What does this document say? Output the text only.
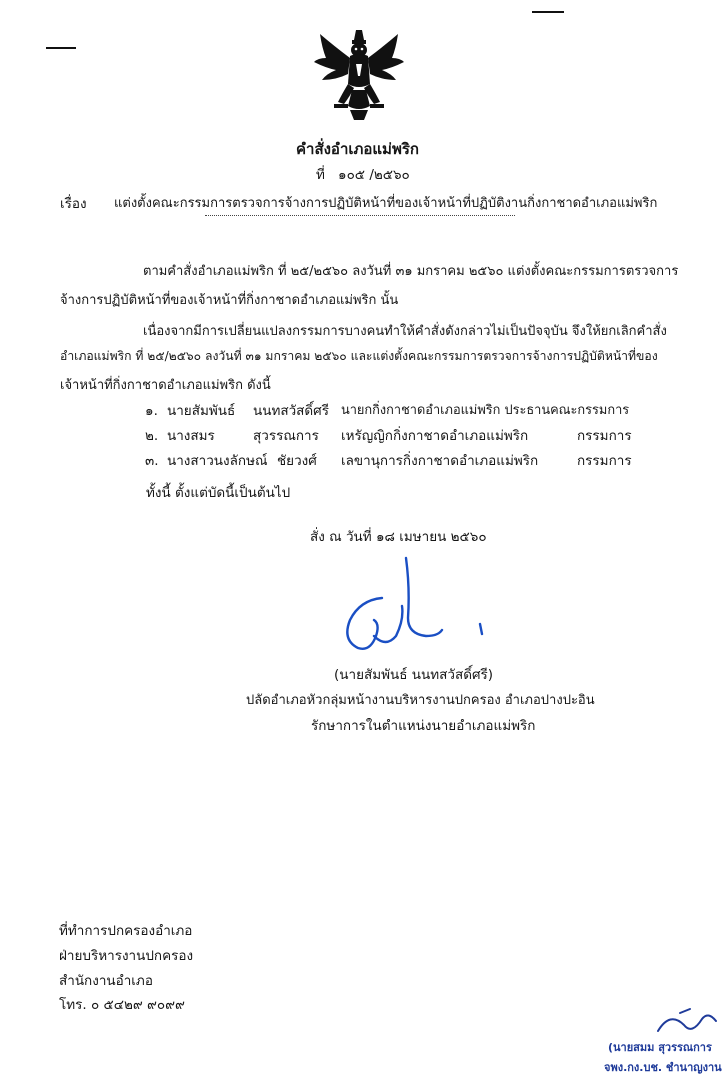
คำสั่งอำเภอแม่พริก
ที่ ๑๐๕ /๒๕๖๐
เรื่อง แต่งตั้งคณะกรรมการตรวจการจ้างการปฏิบัติหน้าที่ของเจ้าหน้าที่ปฏิบัติงานกิ่งกาชาดอำเภอแม่พริก
ตามคำสั่งอำเภอแม่พริก ที่ ๒๕/๒๕๖๐ ลงวันที่ ๓๑ มกราคม ๒๕๖๐ แต่งตั้งคณะกรรมการตรวจการ
จ้างการปฏิบัติหน้าที่ของเจ้าหน้าที่กิ่งกาชาดอำเภอแม่พริก นั้น
เนื่องจากมีการเปลี่ยนแปลงกรรมการบางคนทำให้คำสั่งดังกล่าวไม่เป็นปัจจุบัน จึงให้ยกเลิกคำสั่ง
อำเภอแม่พริก ที่ ๒๕/๒๕๖๐ ลงวันที่ ๓๑ มกราคม ๒๕๖๐ และแต่งตั้งคณะกรรมการตรวจการจ้างการปฏิบัติหน้าที่ของ
เจ้าหน้าที่กิ่งกาชาดอำเภอแม่พริก ดังนี้
๑. นายสัมพันธ์ นนทสวัสดิ์ศรี นายกกิ่งกาชาดอำเภอแม่พริก ประธานคณะกรรมการ
๒. นางสมร	สุวรรณการ เหรัญญิกกิ่งกาชาดอำเภอแม่พริก	กรรมการ
๓. นางสาวนงลักษณ์ ชัยวงศ์ เลขานุการกิ่งกาชาดอำเภอแม่พริก	กรรมการ
ทั้งนี้ ตั้งแต่บัดนี้เป็นต้นไป
สั่ง ณ วันที่ ๑๘ เมษายน ๒๕๖๐
(นายสัมพันธ์ นนทสวัสดิ์ศรี)
ปลัดอำเภอหัวกลุ่มหน้างานบริหารงานปกครอง อำเภอปางปะอิน
รักษาการในตำแหน่งนายอำเภอแม่พริก
ที่ทำการปกครองอำเภอ
ฝ่ายบริหารงานปกครอง
สำนักงานอำเภอ
โทร. ๐ ๕๔๒๙ ๙๐๙๙
(นายสมม สุวรรณการ
จพง.กง.บช. ชำนาญงาน
